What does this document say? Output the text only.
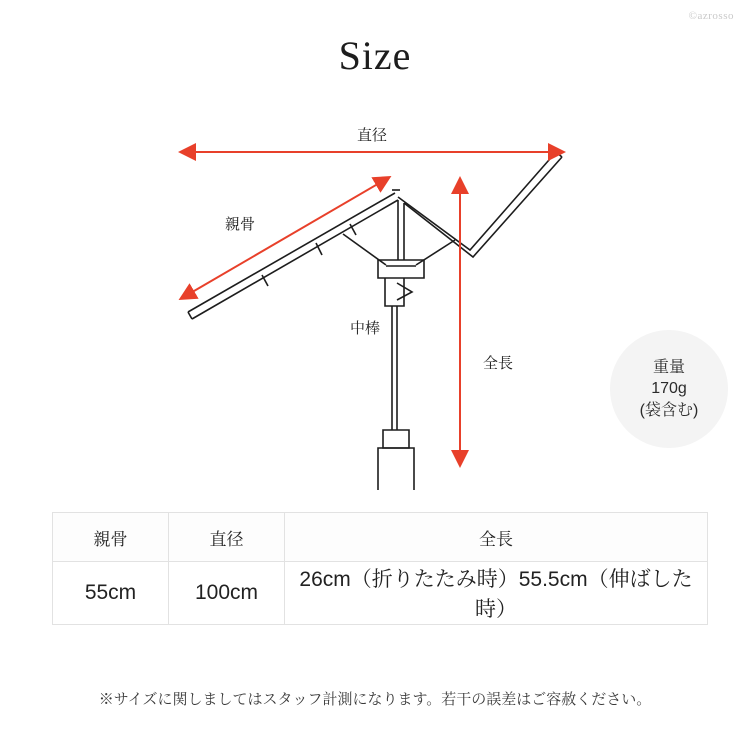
©azrosso
Size
直径
親骨
中棒
全長	重量
170g
(袋含む)
親骨	直径	全長
55cm	100cm	26cm（折りたたみ時）55.5cm（伸ばした時）
※サイズに関しましてはスタッフ計測になります。若干の誤差はご容赦ください。
